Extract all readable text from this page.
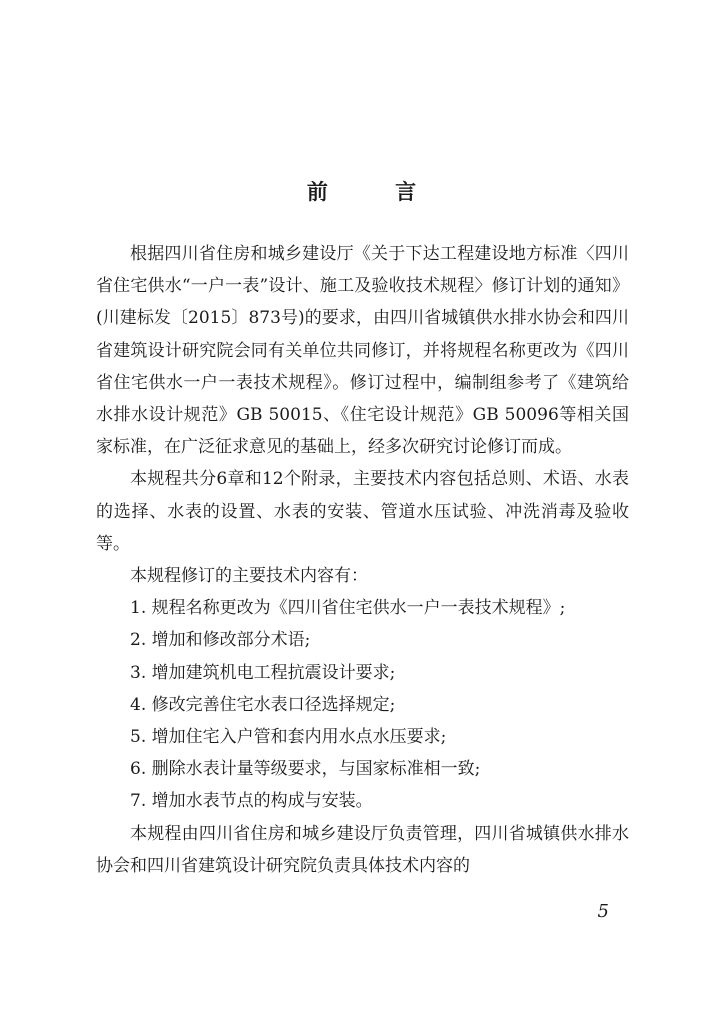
前 言

根据四川省住房和城乡建设厅《关于下达工程建设地方标准〈四川省住宅供水“一户一表”设计、施工及验收技术规程〉修订计划的通知》(川建标发〔2015〕873号)的要求，由四川省城镇供水排水协会和四川省建筑设计研究院会同有关单位共同修订，并将规程名称更改为《四川省住宅供水一户一表技术规程》。修订过程中，编制组参考了《建筑给水排水设计规范》GB 50015、《住宅设计规范》GB 50096等相关国家标准，在广泛征求意见的基础上，经多次研究讨论修订而成。

本规程共分6章和12个附录，主要技术内容包括总则、术语、水表的选择、水表的设置、水表的安装、管道水压试验、冲洗消毒及验收等。

本规程修订的主要技术内容有：

1. 规程名称更改为《四川省住宅供水一户一表技术规程》;

2. 增加和修改部分术语;

3. 增加建筑机电工程抗震设计要求;

4. 修改完善住宅水表口径选择规定;

5. 增加住宅入户管和套内用水点水压要求;

6. 删除水表计量等级要求，与国家标准相一致;

7. 增加水表节点的构成与安装。

本规程由四川省住房和城乡建设厅负责管理，四川省城镇供水排水协会和四川省建筑设计研究院负责具体技术内容的

5
